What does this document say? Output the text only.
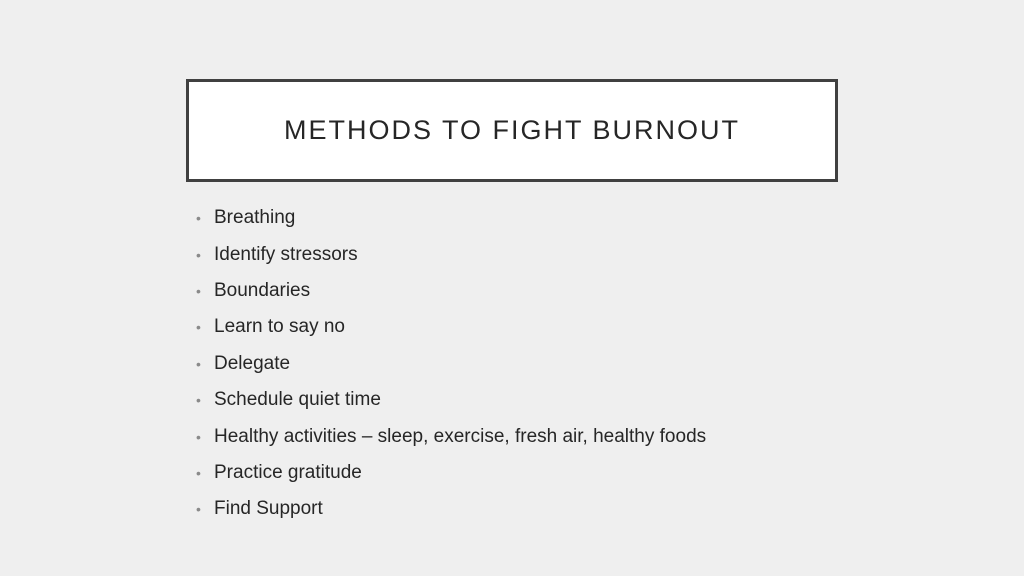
METHODS TO FIGHT BURNOUT
• Breathing
• Identify stressors
• Boundaries
• Learn to say no
• Delegate
• Schedule quiet time
• Healthy activities – sleep, exercise, fresh air, healthy foods
• Practice gratitude
• Find Support
